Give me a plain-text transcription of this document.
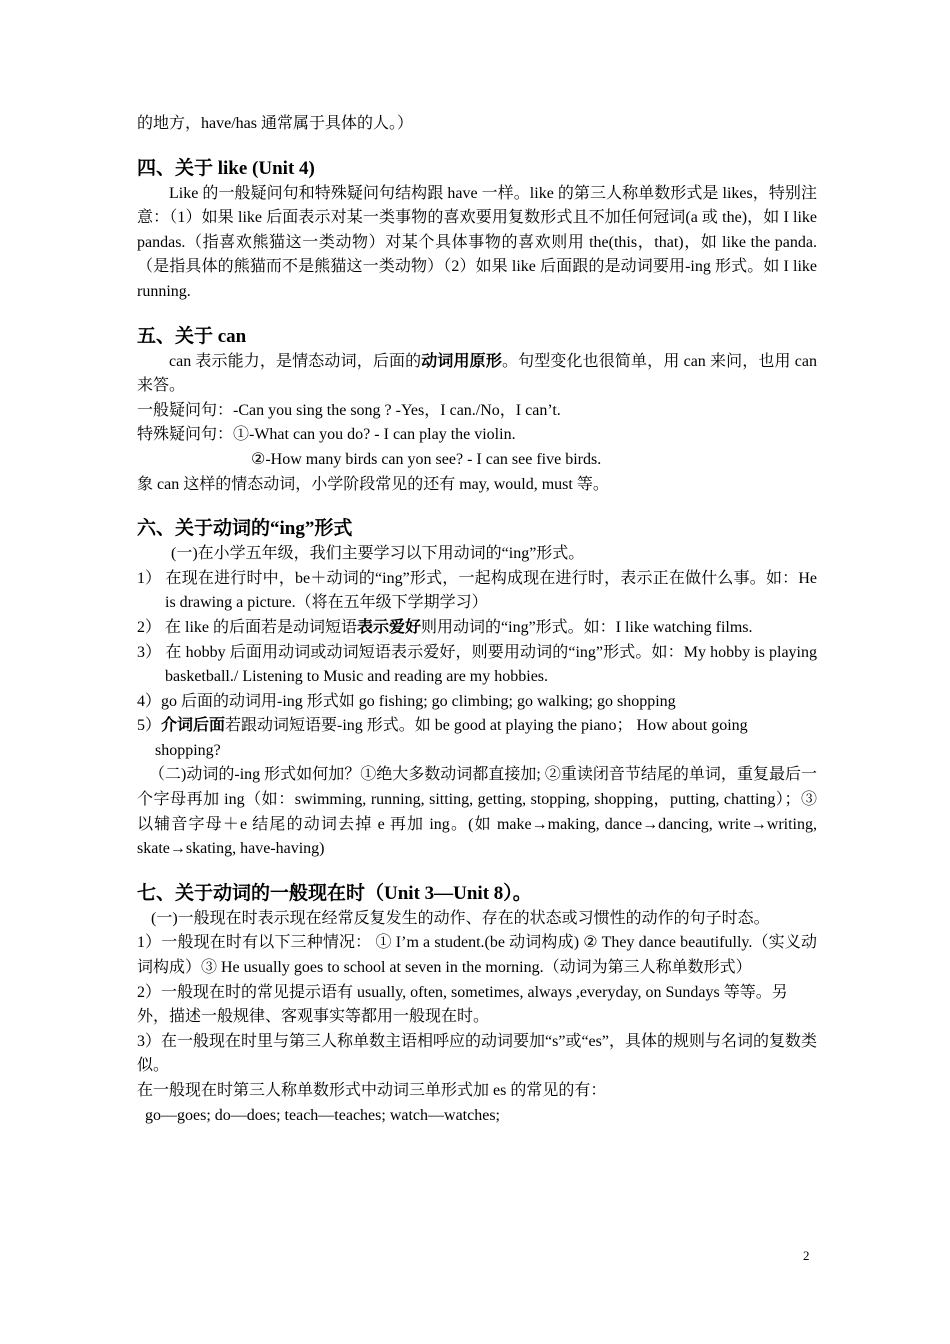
的地方，have/has 通常属于具体的人。）

四、关于 like (Unit 4)

Like 的一般疑问句和特殊疑问句结构跟 have 一样。like 的第三人称单数形式是 likes，特别注意：（1）如果 like 后面表示对某一类事物的喜欢要用复数形式且不加任何冠词(a 或 the)，如 I like pandas.（指喜欢熊猫这一类动物）对某个具体事物的喜欢则用 the(this，that)，如 like the panda.（是指具体的熊猫而不是熊猫这一类动物）（2）如果 like 后面跟的是动词要用-ing 形式。如 I like running.

五、关于 can

can 表示能力，是情态动词，后面的动词用原形。句型变化也很简单，用 can 来问，也用 can 来答。

一般疑问句：-Can you sing the song ? -Yes，I can./No，I can’t.

特殊疑问句：①-What can you do? - I can play the violin.

②-How many birds can yon see? - I can see five birds.

象 can 这样的情态动词，小学阶段常见的还有 may, would, must 等。

六、关于动词的“ing”形式

(一)在小学五年级，我们主要学习以下用动词的“ing”形式。

1） 在现在进行时中，be＋动词的“ing”形式，一起构成现在进行时，表示正在做什么事。如：He is drawing a picture.（将在五年级下学期学习）

2） 在 like 的后面若是动词短语表示爱好则用动词的“ing”形式。如：I like watching films.

3） 在 hobby 后面用动词或动词短语表示爱好，则要用动词的“ing”形式。如：My hobby is playing basketball./ Listening to Music and reading are my hobbies.

4）go 后面的动词用-ing 形式如 go fishing; go climbing; go walking; go shopping

5）介词后面若跟动词短语要-ing 形式。如 be good at playing the piano； How about going shopping?

（二)动词的-ing 形式如何加？①绝大多数动词都直接加; ②重读闭音节结尾的单词，重复最后一个字母再加 ing（如：swimming, running, sitting, getting, stopping, shopping，putting, chatting）；③以辅音字母＋e 结尾的动词去掉 e 再加 ing。(如 make→making, dance→dancing, write→writing, skate→skating, have-having)

七、关于动词的一般现在时（Unit 3—Unit 8）。

(一)一般现在时表示现在经常反复发生的动作、存在的状态或习惯性的动作的句子时态。

1）一般现在时有以下三种情况： ① I’m a student.(be 动词构成) ② They dance beautifully.（实义动词构成）③ He usually goes to school at seven in the morning.（动词为第三人称单数形式）

2）一般现在时的常见提示语有 usually, often, sometimes, always ,everyday, on Sundays 等等。另外，描述一般规律、客观事实等都用一般现在时。

3）在一般现在时里与第三人称单数主语相呼应的动词要加“s”或“es”，具体的规则与名词的复数类似。

在一般现在时第三人称单数形式中动词三单形式加 es 的常见的有：

go—goes; do—does; teach—teaches; watch—watches;

2
